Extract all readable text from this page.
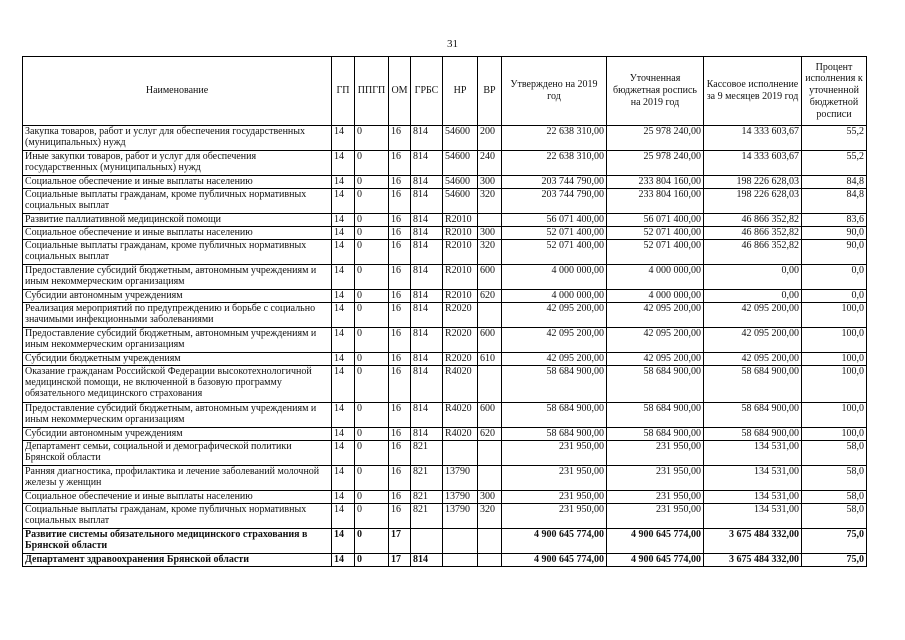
31
Наименование	ГП	ППГП	ОМ	ГРБС	НР	ВР	Утверждено на 2019 год	Уточненная бюджетная роспись на 2019 год	Кассовое исполнение за 9 месяцев 2019 год	Процент исполнения к уточненной бюджетной росписи
Закупка товаров, работ и услуг для обеспечения государственных (муниципальных) нужд	14	0	16	814	54600	200	22 638 310,00	25 978 240,00	14 333 603,67	55,2
Иные закупки товаров, работ и услуг для обеспечения государственных (муниципальных) нужд	14	0	16	814	54600	240	22 638 310,00	25 978 240,00	14 333 603,67	55,2
Социальное обеспечение и иные выплаты населению	14	0	16	814	54600	300	203 744 790,00	233 804 160,00	198 226 628,03	84,8
Социальные выплаты гражданам, кроме публичных нормативных социальных выплат	14	0	16	814	54600	320	203 744 790,00	233 804 160,00	198 226 628,03	84,8
Развитие паллиативной медицинской помощи	14	0	16	814	R2010		56 071 400,00	56 071 400,00	46 866 352,82	83,6
Социальное обеспечение и иные выплаты населению	14	0	16	814	R2010	300	52 071 400,00	52 071 400,00	46 866 352,82	90,0
Социальные выплаты гражданам, кроме публичных нормативных социальных выплат	14	0	16	814	R2010	320	52 071 400,00	52 071 400,00	46 866 352,82	90,0
Предоставление субсидий бюджетным, автономным учреждениям и иным некоммерческим организациям	14	0	16	814	R2010	600	4 000 000,00	4 000 000,00	0,00	0,0
Субсидии автономным учреждениям	14	0	16	814	R2010	620	4 000 000,00	4 000 000,00	0,00	0,0
Реализация мероприятий по предупреждению и борьбе с социально значимыми инфекционными заболеваниями	14	0	16	814	R2020		42 095 200,00	42 095 200,00	42 095 200,00	100,0
Предоставление субсидий бюджетным, автономным учреждениям и иным некоммерческим организациям	14	0	16	814	R2020	600	42 095 200,00	42 095 200,00	42 095 200,00	100,0
Субсидии бюджетным учреждениям	14	0	16	814	R2020	610	42 095 200,00	42 095 200,00	42 095 200,00	100,0
Оказание гражданам Российской Федерации высокотехнологичной медицинской помощи, не включенной в базовую программу обязательного медицинского страхования	14	0	16	814	R4020		58 684 900,00	58 684 900,00	58 684 900,00	100,0
Предоставление субсидий бюджетным, автономным учреждениям и иным некоммерческим организациям	14	0	16	814	R4020	600	58 684 900,00	58 684 900,00	58 684 900,00	100,0
Субсидии автономным учреждениям	14	0	16	814	R4020	620	58 684 900,00	58 684 900,00	58 684 900,00	100,0
Департамент семьи, социальной и демографической политики Брянской области	14	0	16	821			231 950,00	231 950,00	134 531,00	58,0
Ранняя диагностика, профилактика и лечение заболеваний молочной железы у женщин	14	0	16	821	13790		231 950,00	231 950,00	134 531,00	58,0
Социальное обеспечение и иные выплаты населению	14	0	16	821	13790	300	231 950,00	231 950,00	134 531,00	58,0
Социальные выплаты гражданам, кроме публичных нормативных социальных выплат	14	0	16	821	13790	320	231 950,00	231 950,00	134 531,00	58,0
Развитие системы обязательного медицинского страхования в Брянской области	14	0	17				4 900 645 774,00	4 900 645 774,00	3 675 484 332,00	75,0
Департамент здравоохранения Брянской области	14	0	17	814			4 900 645 774,00	4 900 645 774,00	3 675 484 332,00	75,0
